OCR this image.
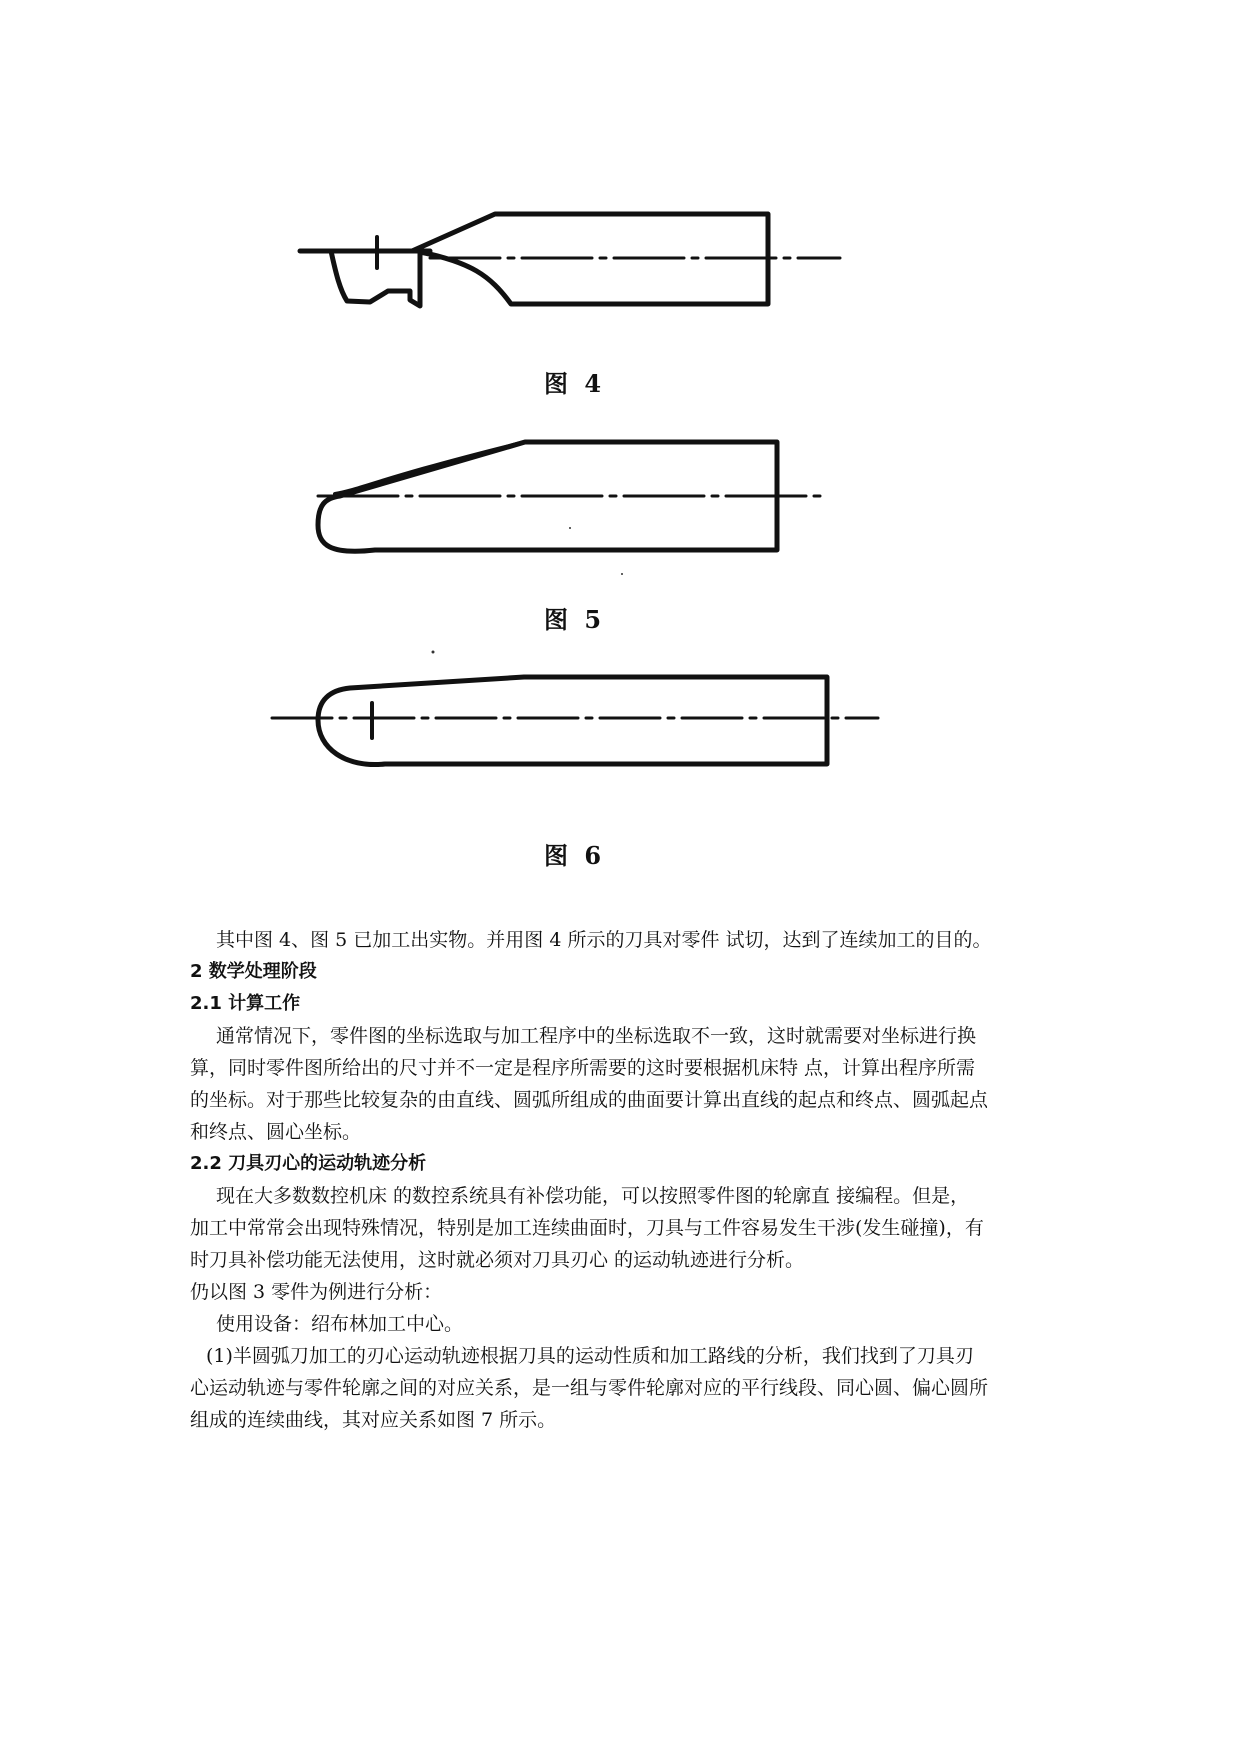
图 4
图 5
图 6

其中图 4、图 5 已加工出实物。并用图 4 所示的刀具对零件 试切，达到了连续加工的目的。

2 数学处理阶段

2.1 计算工作

通常情况下，零件图的坐标选取与加工程序中的坐标选取不一致，这时就需要对坐标进行换

算，同时零件图所给出的尺寸并不一定是程序所需要的这时要根据机床特 点，计算出程序所需

的坐标。对于那些比较复杂的由直线、圆弧所组成的曲面要计算出直线的起点和终点、圆弧起点

和终点、圆心坐标。

2.2 刀具刃心的运动轨迹分析

现在大多数数控机床 的数控系统具有补偿功能，可以按照零件图的轮廓直 接编程。但是，

加工中常常会出现特殊情况，特别是加工连续曲面时，刀具与工件容易发生干涉(发生碰撞)，有

时刀具补偿功能无法使用，这时就必须对刀具刃心 的运动轨迹进行分析。

仍以图 3 零件为例进行分析：

使用设备：绍布林加工中心。

(1)半圆弧刀加工的刃心运动轨迹根据刀具的运动性质和加工路线的分析，我们找到了刀具刃

心运动轨迹与零件轮廓之间的对应关系，是一组与零件轮廓对应的平行线段、同心圆、偏心圆所

组成的连续曲线，其对应关系如图 7 所示。
